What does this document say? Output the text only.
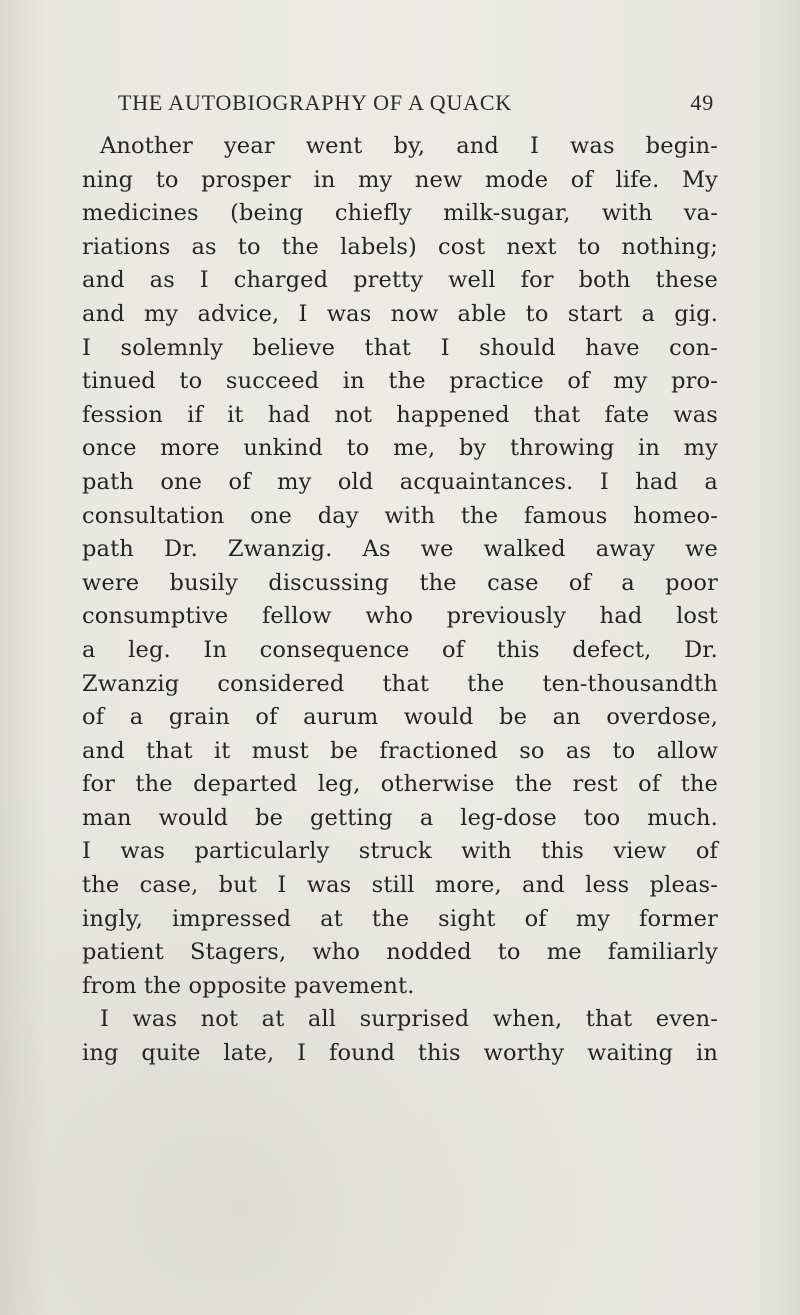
THE AUTOBIOGRAPHY OF A QUACK	49
Another year went by, and I was begin-
ning to prosper in my new mode of life. My
medicines (being chiefly milk-sugar, with va-
riations as to the labels) cost next to nothing;
and as I charged pretty well for both these
and my advice, I was now able to start a gig.
I solemnly believe that I should have con-
tinued to succeed in the practice of my pro-
fession if it had not happened that fate was
once more unkind to me, by throwing in my
path one of my old acquaintances. I had a
consultation one day with the famous homeo-
path Dr. Zwanzig. As we walked away we
were busily discussing the case of a poor
consumptive fellow who previously had lost
a leg. In consequence of this defect, Dr.
Zwanzig considered that the ten-thousandth
of a grain of aurum would be an overdose,
and that it must be fractioned so as to allow
for the departed leg, otherwise the rest of the
man would be getting a leg-dose too much.
I was particularly struck with this view of
the case, but I was still more, and less pleas-
ingly, impressed at the sight of my former
patient Stagers, who nodded to me familiarly
from the opposite pavement.
I was not at all surprised when, that even-
ing quite late, I found this worthy waiting in
